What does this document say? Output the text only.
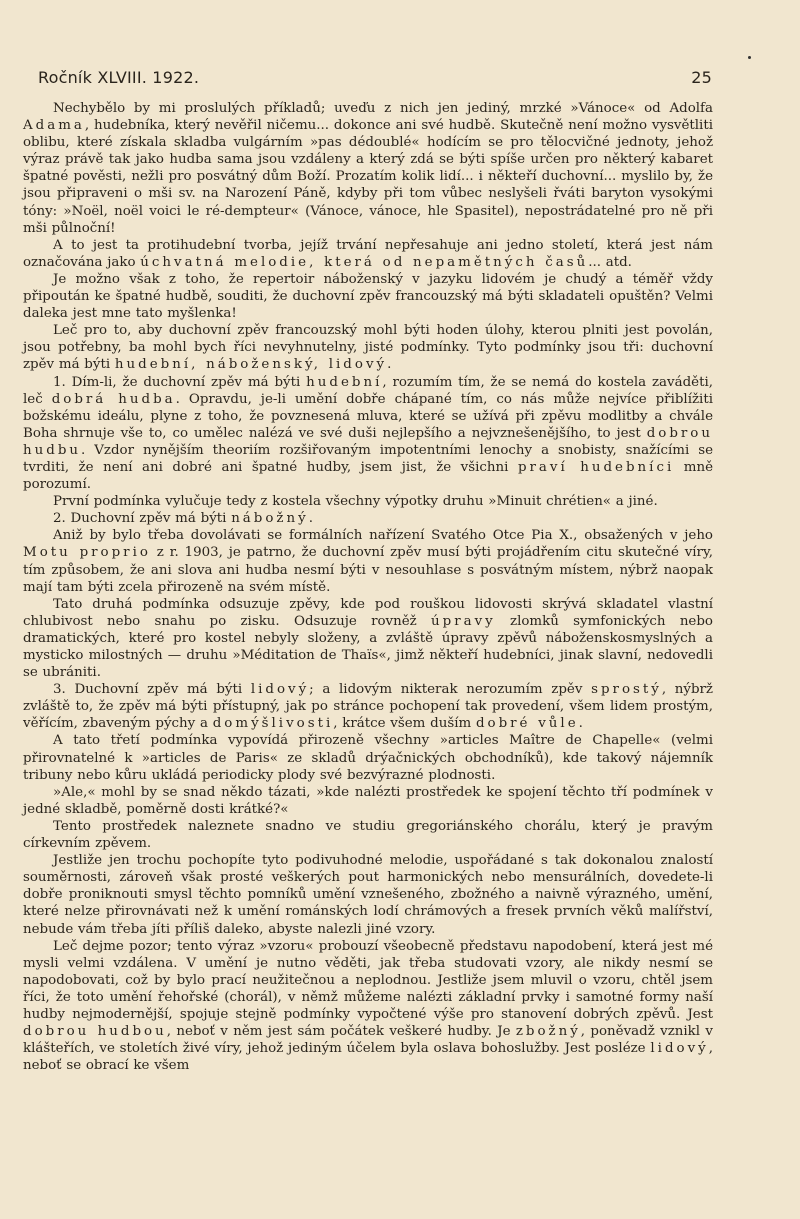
Ročník XLVIII. 1922.	25

Nechybělo by mi proslulých příkladů; uveďu z nich jen jediný, mrzké »Vánoce« od Adolfa Adama, hudebníka, který nevěřil ničemu... dokonce ani své hudbě. Skutečně není možno vysvětliti oblibu, které získala skladba vulgárním »pas dédoublé« hodícím se pro tělocvičné jednoty, jehož výraz právě tak jako hudba sama jsou vzdáleny a který zdá se býti spíše určen pro některý kabaret špatné pověsti, nežli pro posvátný dům Boží. Prozatím kolik lidí... i někteří duchovní... myslilo by, že jsou připraveni o mši sv. na Narození Páně, kdyby při tom vůbec neslyšeli řváti baryton vysokými tóny: »Noël, noël voici le ré-dempteur« (Vánoce, vánoce, hle Spasitel), nepostrádatelné pro ně při mši půlnoční!

A to jest ta protihudební tvorba, jejíž trvání nepřesahuje ani jedno století, která jest nám označována jako úchvatná melodie, která od nepamětných časů... atd.

Je možno však z toho, že repertoir náboženský v jazyku lidovém je chudý a téměř vždy připoután ke špatné hudbě, souditi, že duchovní zpěv francouzský má býti skladateli opuštěn? Velmi daleka jest mne tato myšlenka!

Leč pro to, aby duchovní zpěv francouzský mohl býti hoden úlohy, kterou plniti jest povolán, jsou potřebny, ba mohl bych říci nevyhnutelny, jisté podmínky. Tyto podmínky jsou tři: duchovní zpěv má býti hudební, náboženský, lidový.

1. Dím-li, že duchovní zpěv má býti hudební, rozumím tím, že se nemá do kostela zaváděti, leč dobrá hudba. Opravdu, je-li umění dobře chápané tím, co nás může nejvíce přiblížiti božskému ideálu, plyne z toho, že povznesená mluva, které se užívá při zpěvu modlitby a chvále Boha shrnuje vše to, co umělec nalézá ve své duši nejlepšího a nejvznešenějšího, to jest dobrou hudbu. Vzdor nynějším theoriím rozšiřovaným impotentními lenochy a snobisty, snažícími se tvrditi, že není ani dobré ani špatné hudby, jsem jist, že všichni praví hudebníci mně porozumí.

První podmínka vylučuje tedy z kostela všechny výpotky druhu »Minuit chrétien« a jiné.

2. Duchovní zpěv má býti nábožný.

Aniž by bylo třeba dovolávati se formálních nařízení Svatého Otce Pia X., obsažených v jeho Motu proprio z r. 1903, je patrno, že duchovní zpěv musí býti projádřením citu skutečné víry, tím způsobem, že ani slova ani hudba nesmí býti v nesouhlase s posvátným místem, nýbrž naopak mají tam býti zcela přirozeně na svém místě.

Tato druhá podmínka odsuzuje zpěvy, kde pod rouškou lidovosti skrývá skladatel vlastní chlubivost nebo snahu po zisku. Odsuzuje rovněž úpravy zlomků symfonických nebo dramatických, které pro kostel nebyly složeny, a zvláště úpravy zpěvů náboženskosmyslných a mysticko milostných — druhu »Méditation de Thaïs«, jimž někteří hudebníci, jinak slavní, nedovedli se ubrániti.

3. Duchovní zpěv má býti lidový; a lidovým nikterak nerozumím zpěv sprostý, nýbrž zvláště to, že zpěv má býti přístupný, jak po stránce pochopení tak provedení, všem lidem prostým, věřícím, zbaveným pýchy a domýšlivosti, krátce všem duším dobré vůle.

A tato třetí podmínka vypovídá přirozeně všechny »articles Maître de Chapelle« (velmi přirovnatelné k »articles de Paris« ze skladů drýačnických obchodníků), kde takový nájemník tribuny nebo kůru ukládá periodicky plody své bezvýrazné plodnosti.

»Ale,« mohl by se snad někdo tázati, »kde nalézti prostředek ke spojení těchto tří podmínek v jedné skladbě, poměrně dosti krátké?«

Tento prostředek naleznete snadno ve studiu gregoriánského chorálu, který je pravým církevním zpěvem.

Jestliže jen trochu pochopíte tyto podivuhodné melodie, uspořádané s tak dokonalou znalostí souměrnosti, zároveň však prosté veškerých pout harmonických nebo mensurálních, dovedete-li dobře proniknouti smysl těchto pomníků umění vznešeného, zbožného a naivně výrazného, umění, které nelze přirovnávati než k umění románských lodí chrámových a fresek prvních věků malířství, nebude vám třeba jíti příliš daleko, abyste nalezli jiné vzory.

Leč dejme pozor; tento výraz »vzoru« probouzí všeobecně představu napodobení, která jest mé mysli velmi vzdálena. V umění je nutno věděti, jak třeba studovati vzory, ale nikdy nesmí se napodobovati, což by bylo prací neužitečnou a neplodnou. Jestliže jsem mluvil o vzoru, chtěl jsem říci, že toto umění řehořské (chorál), v němž můžeme nalézti základní prvky i samotné formy naší hudby nejmodernější, spojuje stejně podmínky vypočtené výše pro stanovení dobrých zpěvů. Jest dobrou hudbou, neboť v něm jest sám počátek veškeré hudby. Je zbožný, poněvadž vznikl v klášteřích, ve stoletích živé víry, jehož jediným účelem byla oslava bohoslužby. Jest posléze lidový, neboť se obrací ke všem
